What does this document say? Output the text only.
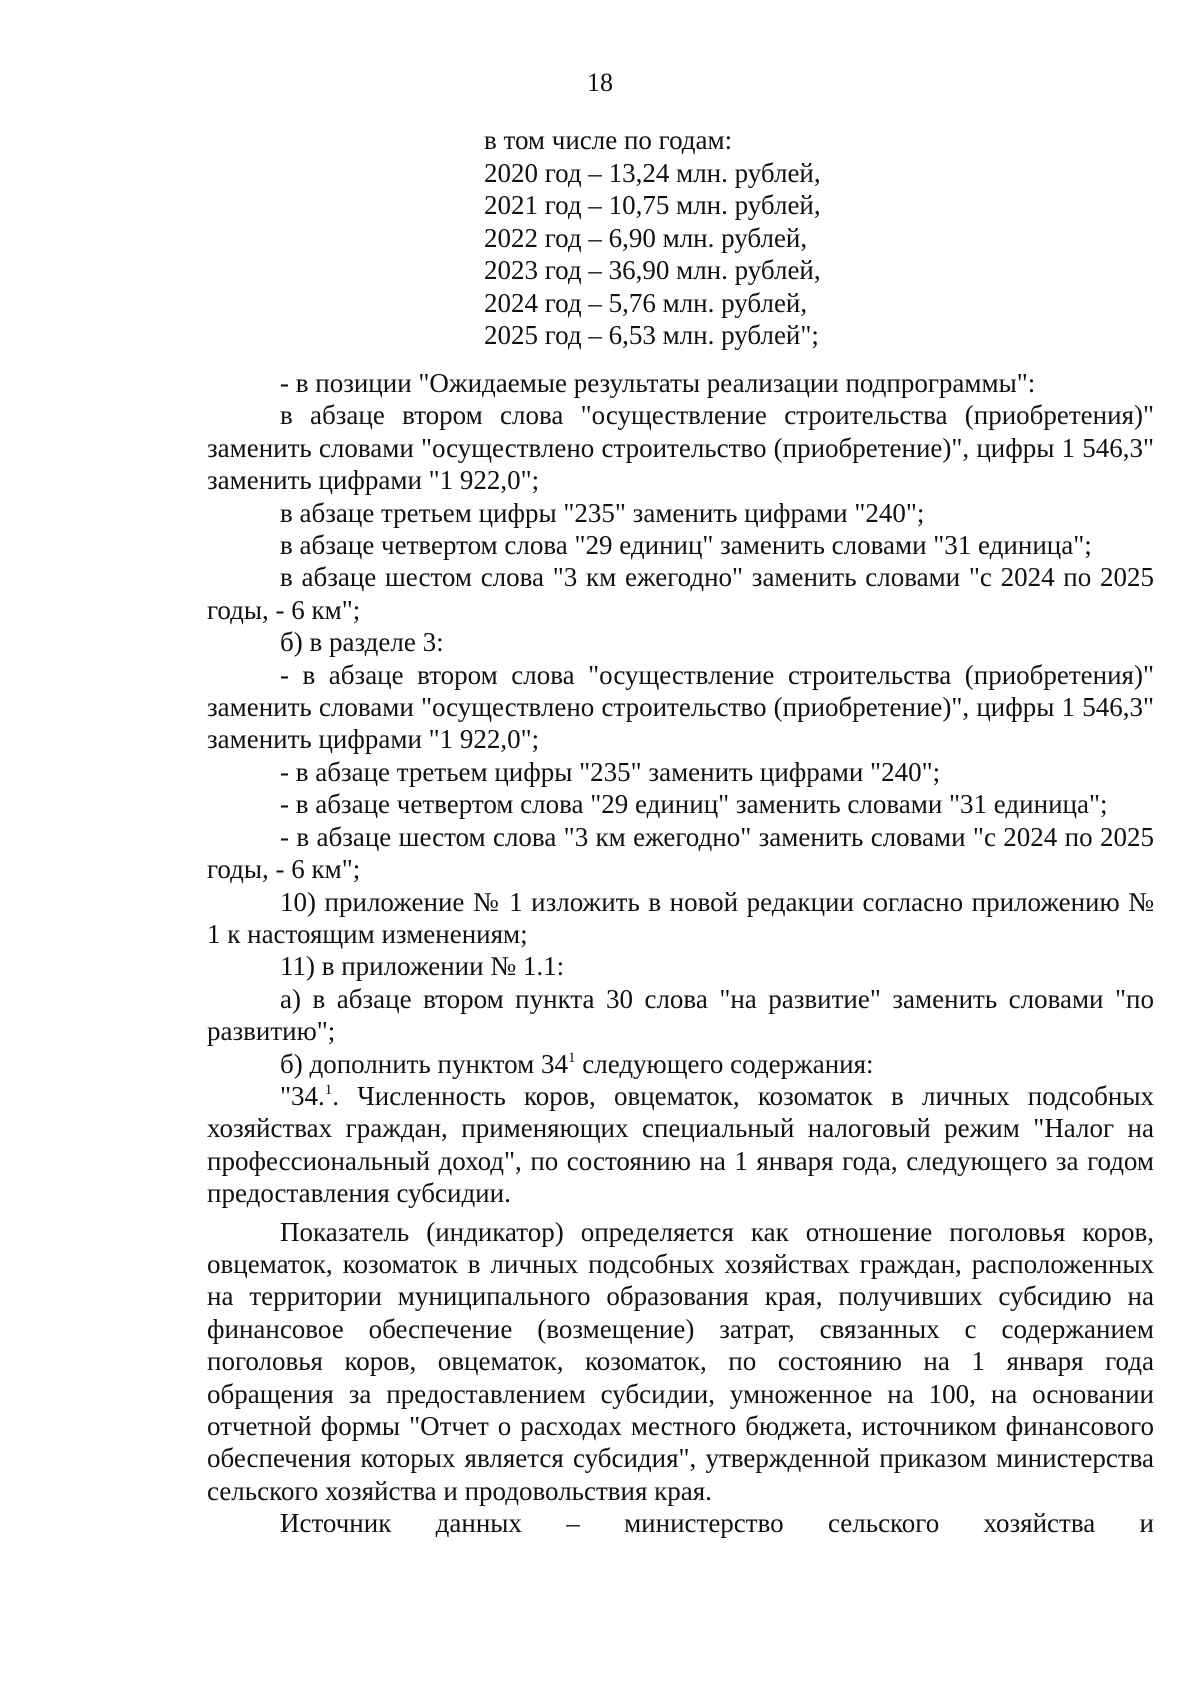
18
в том числе по годам:
2020 год – 13,24 млн. рублей,
2021 год – 10,75 млн. рублей,
2022 год – 6,90 млн. рублей,
2023 год – 36,90 млн. рублей,
2024 год – 5,76 млн. рублей,
2025 год – 6,53 млн. рублей";

- в позиции "Ожидаемые результаты реализации подпрограммы":

в абзаце втором слова "осуществление строительства (приобретения)" заменить словами "осуществлено строительство (приобретение)", цифры 1 546,3" заменить цифрами "1 922,0";

в абзаце третьем цифры "235" заменить цифрами "240";

в абзаце четвертом слова "29 единиц" заменить словами "31 единица";

в абзаце шестом слова "3 км ежегодно" заменить словами "с 2024 по 2025 годы, - 6 км";

б) в разделе 3:

- в абзаце втором слова "осуществление строительства (приобретения)" заменить словами "осуществлено строительство (приобретение)", цифры 1 546,3" заменить цифрами "1 922,0";

- в абзаце третьем цифры "235" заменить цифрами "240";

- в абзаце четвертом слова "29 единиц" заменить словами "31 единица";

- в абзаце шестом слова "3 км ежегодно" заменить словами "с 2024 по 2025 годы, - 6 км";

10) приложение № 1 изложить в новой редакции согласно приложению № 1 к настоящим изменениям;

11) в приложении № 1.1:

а) в абзаце втором пункта 30 слова "на развитие" заменить словами "по развитию";

б) дополнить пунктом $34^1$ следующего содержания:

"34.$^1$. Численность коров, овцематок, козоматок в личных подсобных хозяйствах граждан, применяющих специальный налоговый режим "Налог на профессиональный доход", по состоянию на 1 января года, следующего за годом предоставления субсидии.

Показатель (индикатор) определяется как отношение поголовья коров, овцематок, козоматок в личных подсобных хозяйствах граждан, расположенных на территории муниципального образования края, получивших субсидию на финансовое обеспечение (возмещение) затрат, связанных с содержанием поголовья коров, овцематок, козоматок, по состоянию на 1 января года обращения за предоставлением субсидии, умноженное на 100, на основании отчетной формы "Отчет о расходах местного бюджета, источником финансового обеспечения которых является субсидия", утвержденной приказом министерства сельского хозяйства и продовольствия края.

Источник данных – министерство сельского хозяйства и
